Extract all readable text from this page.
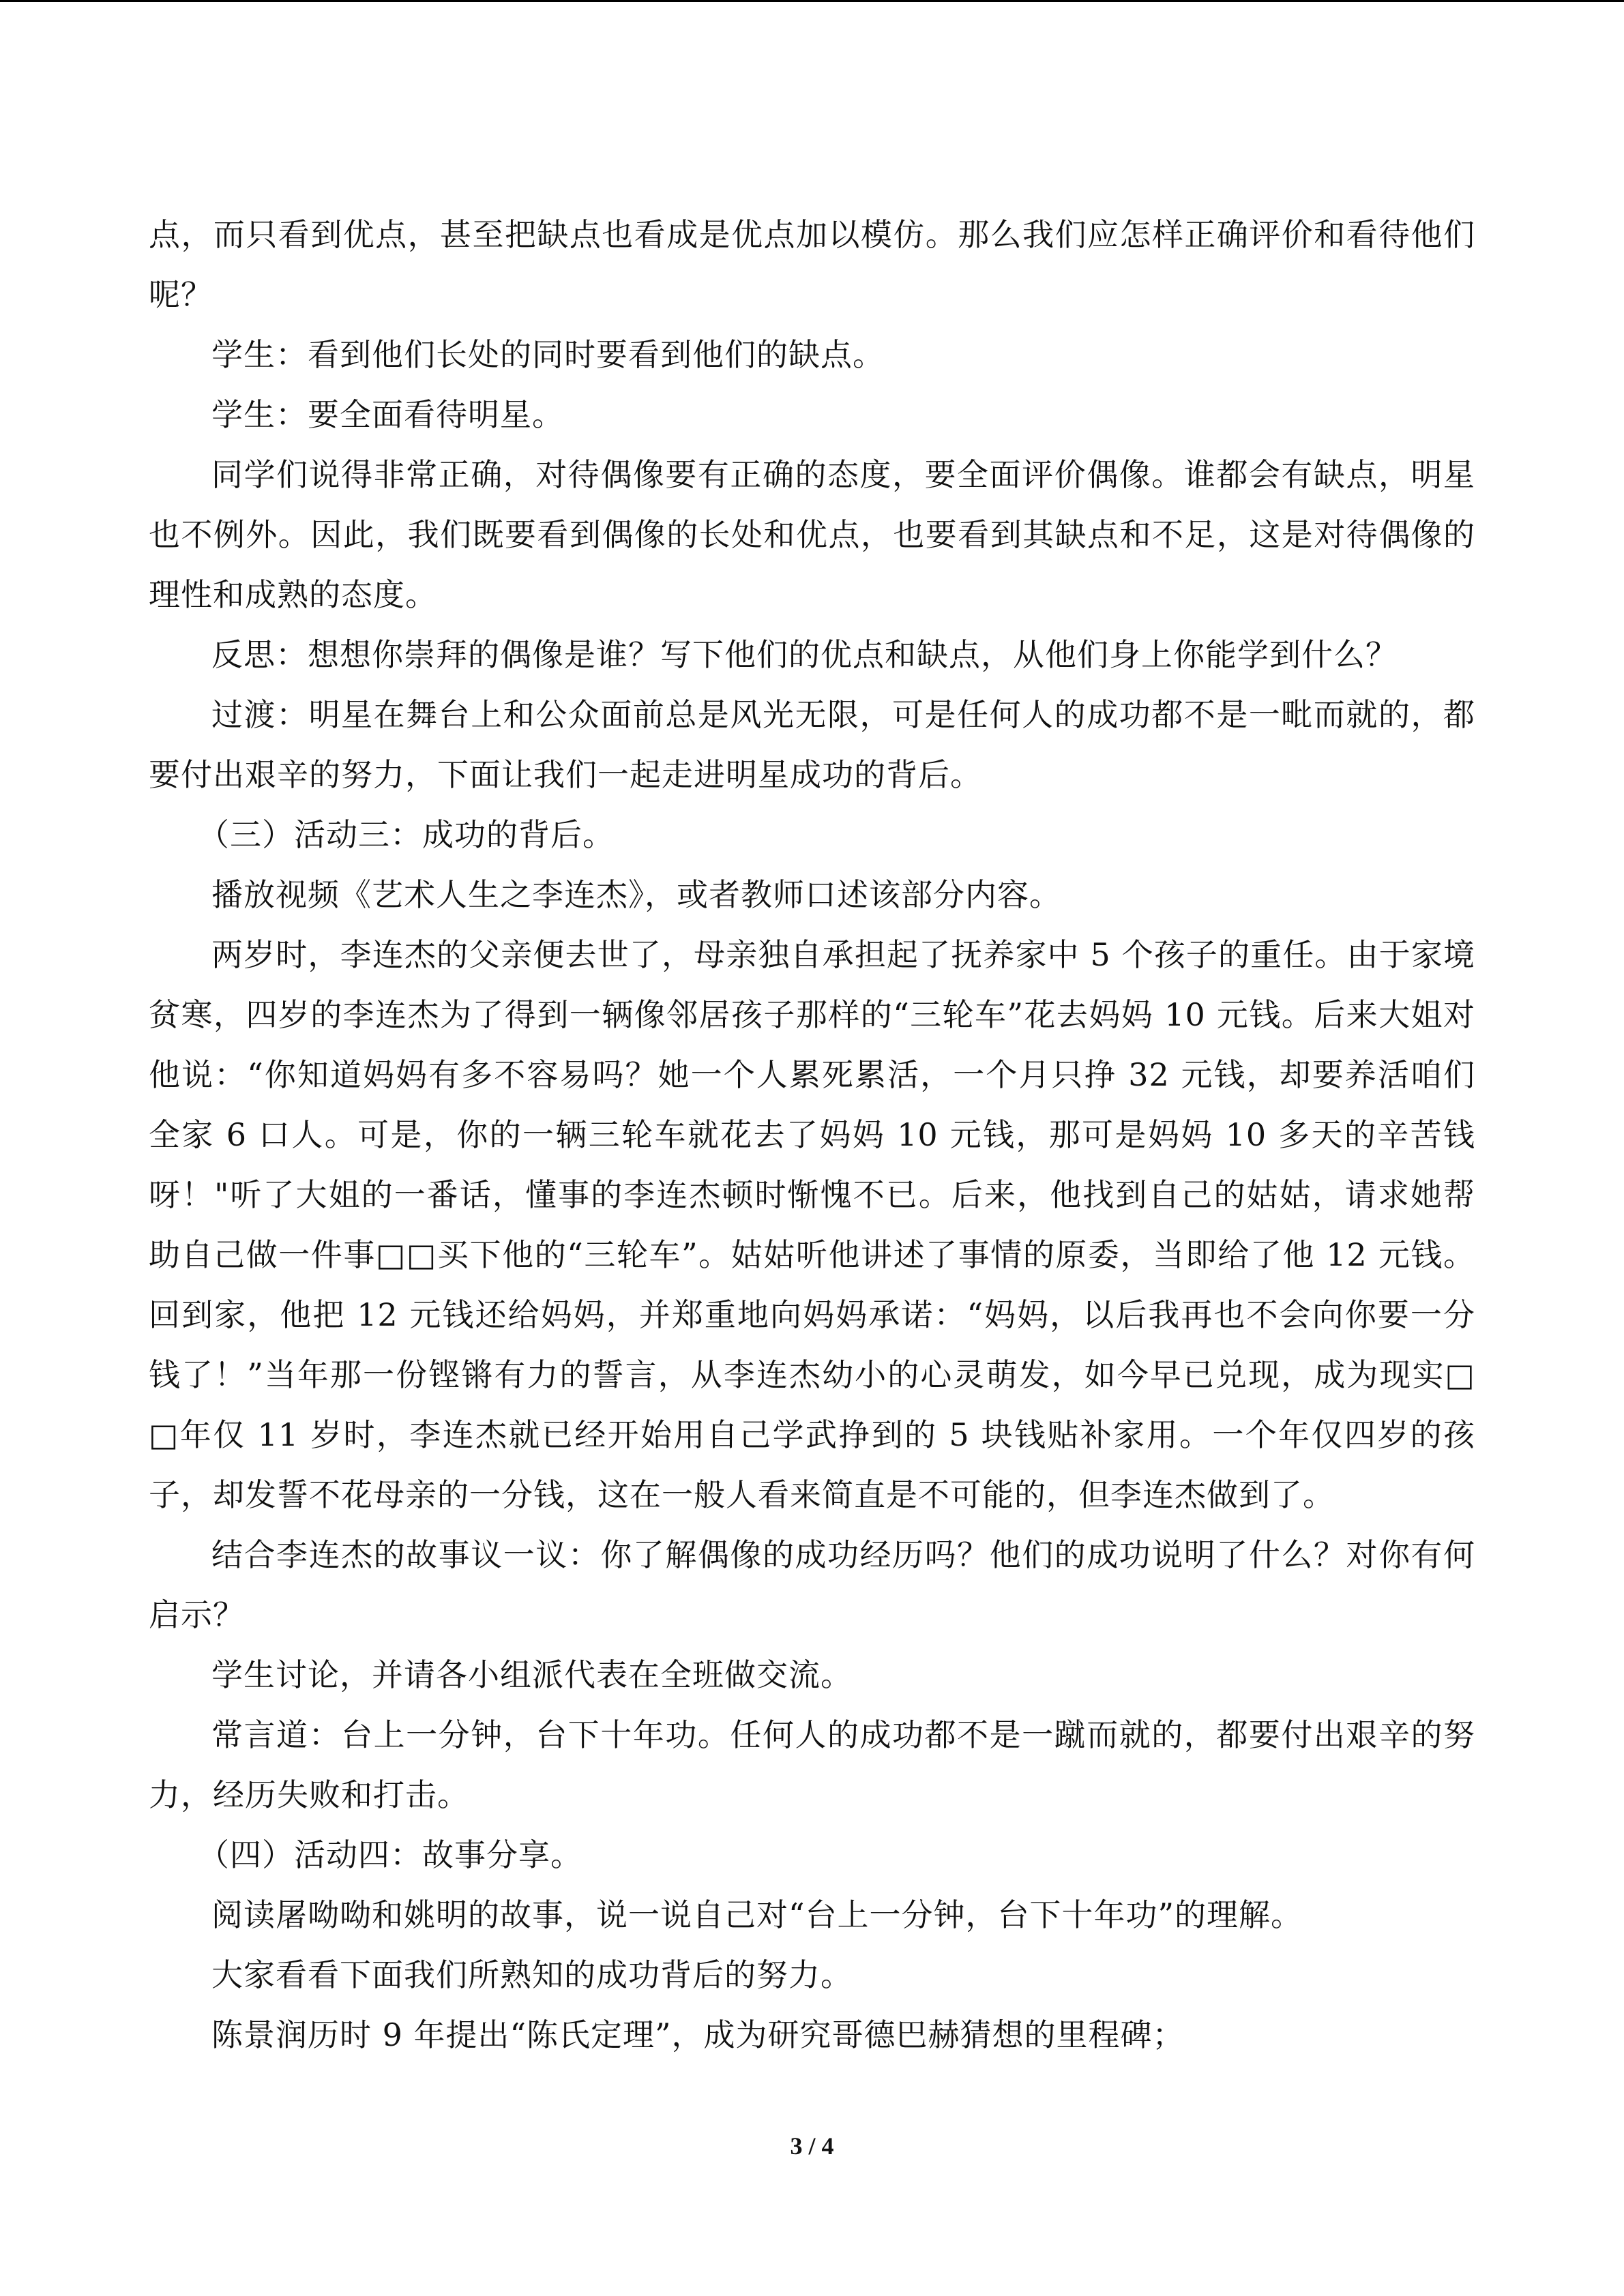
点，而只看到优点，甚至把缺点也看成是优点加以模仿。那么我们应怎样正确评价和看待他们呢？

学生：看到他们长处的同时要看到他们的缺点。

学生：要全面看待明星。

同学们说得非常正确，对待偶像要有正确的态度，要全面评价偶像。谁都会有缺点，明星也不例外。因此，我们既要看到偶像的长处和优点，也要看到其缺点和不足，这是对待偶像的理性和成熟的态度。

反思：想想你崇拜的偶像是谁？写下他们的优点和缺点，从他们身上你能学到什么？

过渡：明星在舞台上和公众面前总是风光无限，可是任何人的成功都不是一毗而就的，都要付出艰辛的努力，下面让我们一起走进明星成功的背后。

（三）活动三：成功的背后。

播放视频《艺术人生之李连杰》，或者教师口述该部分内容。

两岁时，李连杰的父亲便去世了，母亲独自承担起了抚养家中 5 个孩子的重任。由于家境贫寒，四岁的李连杰为了得到一辆像邻居孩子那样的“三轮车”花去妈妈 10 元钱。后来大姐对他说：“你知道妈妈有多不容易吗？她一个人累死累活，一个月只挣 32 元钱，却要养活咱们全家 6 口人。可是，你的一辆三轮车就花去了妈妈 10 元钱，那可是妈妈 10 多天的辛苦钱呀！"听了大姐的一番话，懂事的李连杰顿时惭愧不已。后来，他找到自己的姑姑，请求她帮助自己做一件事□□买下他的“三轮车”。姑姑听他讲述了事情的原委，当即给了他 12 元钱。回到家，他把 12 元钱还给妈妈，并郑重地向妈妈承诺：“妈妈，以后我再也不会向你要一分钱了！”当年那一份铿锵有力的誓言，从李连杰幼小的心灵萌发，如今早已兑现，成为现实□□年仅 11 岁时，李连杰就已经开始用自己学武挣到的 5 块钱贴补家用。一个年仅四岁的孩子，却发誓不花母亲的一分钱，这在一般人看来简直是不可能的，但李连杰做到了。

结合李连杰的故事议一议：你了解偶像的成功经历吗？他们的成功说明了什么？对你有何启示？

学生讨论，并请各小组派代表在全班做交流。

常言道：台上一分钟，台下十年功。任何人的成功都不是一蹴而就的，都要付出艰辛的努力，经历失败和打击。

（四）活动四：故事分享。

阅读屠呦呦和姚明的故事，说一说自己对“台上一分钟，台下十年功”的理解。

大家看看下面我们所熟知的成功背后的努力。

陈景润历时 9 年提出“陈氏定理”，成为研究哥德巴赫猜想的里程碑；

3 / 4
